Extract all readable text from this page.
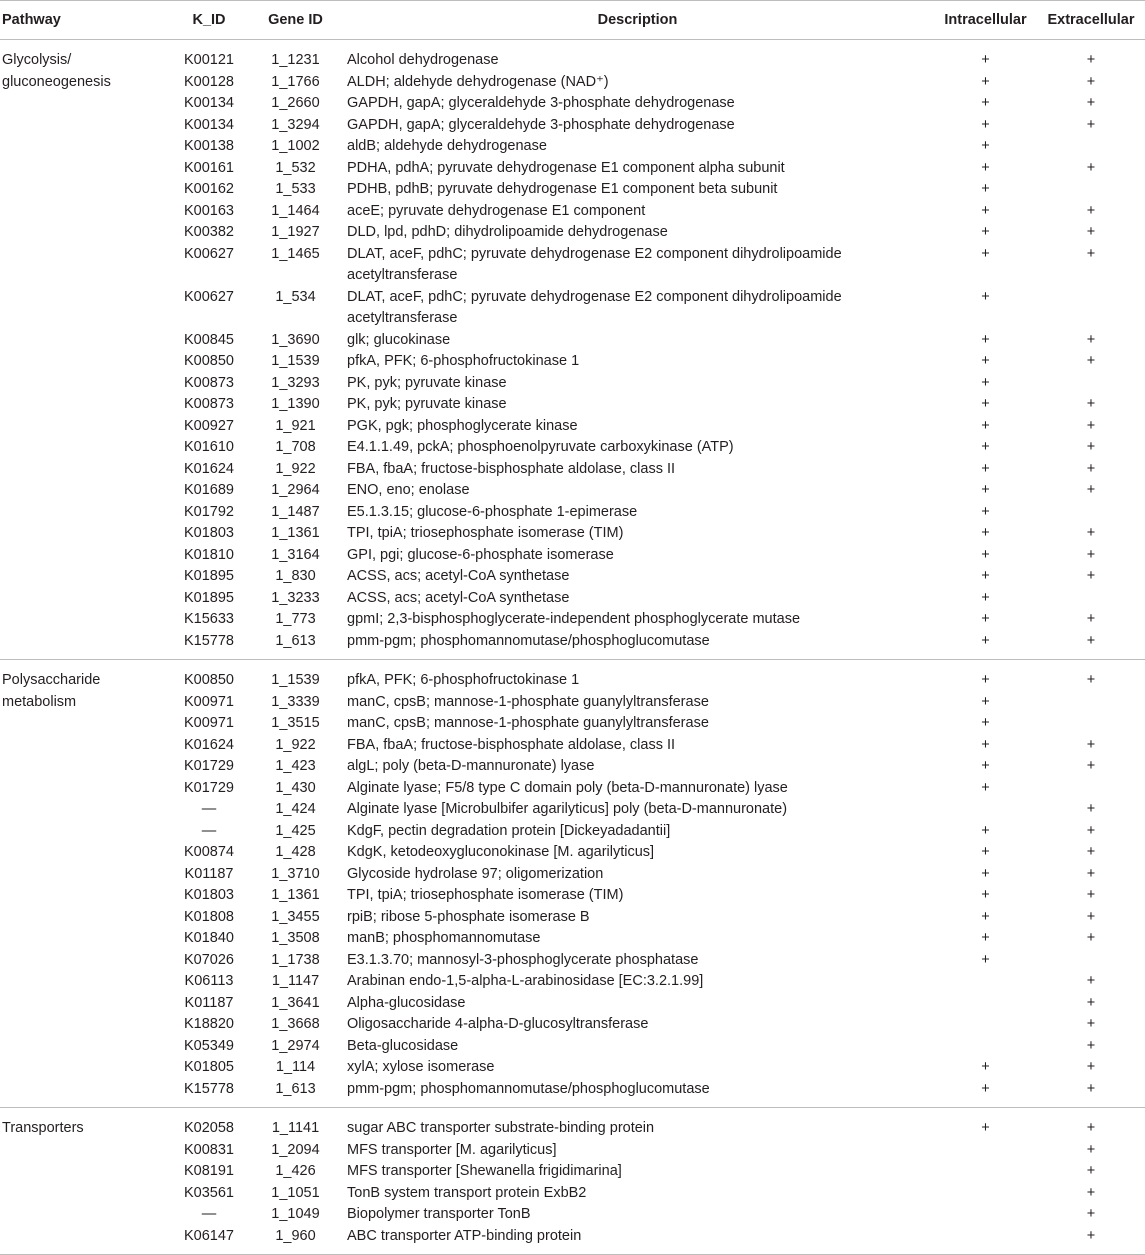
Pathway	K_ID	Gene ID	Description	Intracellular	Extracellular
Glycolysis/	K00121	1_1231	Alcohol dehydrogenase	+	+
gluconeogenesis	K00128	1_1766	ALDH; aldehyde dehydrogenase (NAD⁺)	+	+
	K00134	1_2660	GAPDH, gapA; glyceraldehyde 3-phosphate dehydrogenase	+	+
	K00134	1_3294	GAPDH, gapA; glyceraldehyde 3-phosphate dehydrogenase	+	+
	K00138	1_1002	aldB; aldehyde dehydrogenase	+	
	K00161	1_532	PDHA, pdhA; pyruvate dehydrogenase E1 component alpha subunit	+	+
	K00162	1_533	PDHB, pdhB; pyruvate dehydrogenase E1 component beta subunit	+	
	K00163	1_1464	aceE; pyruvate dehydrogenase E1 component	+	+
	K00382	1_1927	DLD, lpd, pdhD; dihydrolipoamide dehydrogenase	+	+
	K00627	1_1465	DLAT, aceF, pdhC; pyruvate dehydrogenase E2 component dihydrolipoamide acetyltransferase	+	+
	K00627	1_534	DLAT, aceF, pdhC; pyruvate dehydrogenase E2 component dihydrolipoamide acetyltransferase	+	
	K00845	1_3690	glk; glucokinase	+	+
	K00850	1_1539	pfkA, PFK; 6-phosphofructokinase 1	+	+
	K00873	1_3293	PK, pyk; pyruvate kinase	+	
	K00873	1_1390	PK, pyk; pyruvate kinase	+	+
	K00927	1_921	PGK, pgk; phosphoglycerate kinase	+	+
	K01610	1_708	E4.1.1.49, pckA; phosphoenolpyruvate carboxykinase (ATP)	+	+
	K01624	1_922	FBA, fbaA; fructose-bisphosphate aldolase, class II	+	+
	K01689	1_2964	ENO, eno; enolase	+	+
	K01792	1_1487	E5.1.3.15; glucose-6-phosphate 1-epimerase	+	
	K01803	1_1361	TPI, tpiA; triosephosphate isomerase (TIM)	+	+
	K01810	1_3164	GPI, pgi; glucose-6-phosphate isomerase	+	+
	K01895	1_830	ACSS, acs; acetyl-CoA synthetase	+	+
	K01895	1_3233	ACSS, acs; acetyl-CoA synthetase	+	
	K15633	1_773	gpmI; 2,3-bisphosphoglycerate-independent phosphoglycerate mutase	+	+
	K15778	1_613	pmm-pgm; phosphomannomutase/phosphoglucomutase	+	+
Polysaccharide	K00850	1_1539	pfkA, PFK; 6-phosphofructokinase 1	+	+
metabolism	K00971	1_3339	manC, cpsB; mannose-1-phosphate guanylyltransferase	+	
	K00971	1_3515	manC, cpsB; mannose-1-phosphate guanylyltransferase	+	
	K01624	1_922	FBA, fbaA; fructose-bisphosphate aldolase, class II	+	+
	K01729	1_423	algL; poly (beta-D-mannuronate) lyase	+	+
	K01729	1_430	Alginate lyase; F5/8 type C domain poly (beta-D-mannuronate) lyase	+	
	—	1_424	Alginate lyase [Microbulbifer agarilyticus] poly (beta-D-mannuronate)		+
	—	1_425	KdgF, pectin degradation protein [Dickeyadadantii]	+	+
	K00874	1_428	KdgK, ketodeoxygluconokinase [M. agarilyticus]	+	+
	K01187	1_3710	Glycoside hydrolase 97; oligomerization	+	+
	K01803	1_1361	TPI, tpiA; triosephosphate isomerase (TIM)	+	+
	K01808	1_3455	rpiB; ribose 5-phosphate isomerase B	+	+
	K01840	1_3508	manB; phosphomannomutase	+	+
	K07026	1_1738	E3.1.3.70; mannosyl-3-phosphoglycerate phosphatase	+	
	K06113	1_1147	Arabinan endo-1,5-alpha-L-arabinosidase [EC:3.2.1.99]		+
	K01187	1_3641	Alpha-glucosidase		+
	K18820	1_3668	Oligosaccharide 4-alpha-D-glucosyltransferase		+
	K05349	1_2974	Beta-glucosidase		+
	K01805	1_114	xylA; xylose isomerase	+	+
	K15778	1_613	pmm-pgm; phosphomannomutase/phosphoglucomutase	+	+
Transporters	K02058	1_1141	sugar ABC transporter substrate-binding protein	+	+
	K00831	1_2094	MFS transporter [M. agarilyticus]		+
	K08191	1_426	MFS transporter [Shewanella frigidimarina]		+
	K03561	1_1051	TonB system transport protein ExbB2		+
	—	1_1049	Biopolymer transporter TonB		+
	K06147	1_960	ABC transporter ATP-binding protein		+
